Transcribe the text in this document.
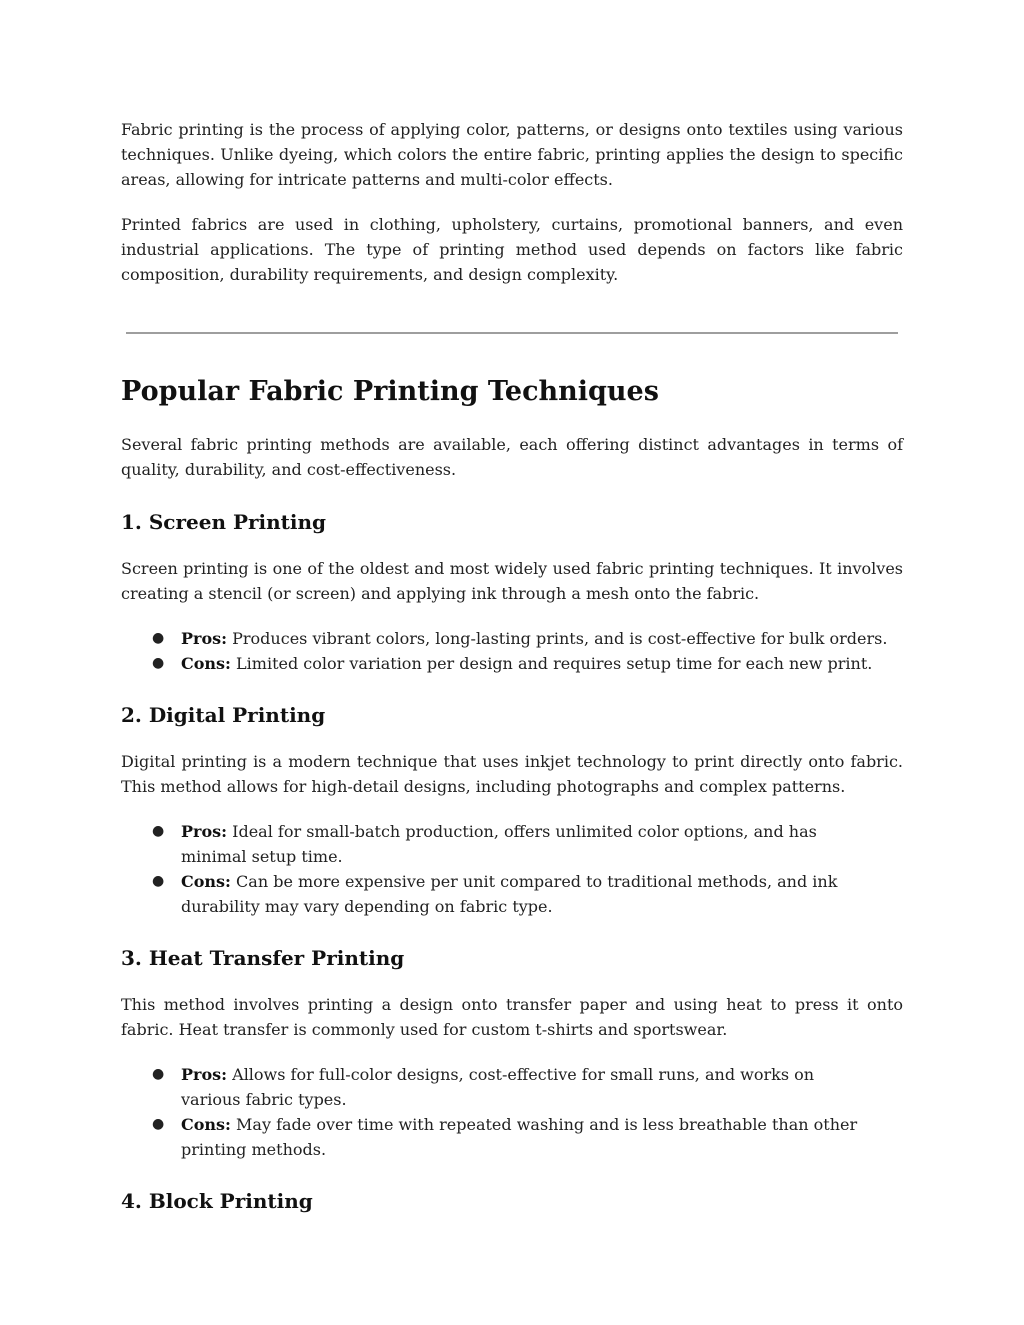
Fabric printing is the process of applying color, patterns, or designs onto textiles using various techniques. Unlike dyeing, which colors the entire fabric, printing applies the design to specific areas, allowing for intricate patterns and multi-color effects.

Printed fabrics are used in clothing, upholstery, curtains, promotional banners, and even industrial applications. The type of printing method used depends on factors like fabric composition, durability requirements, and design complexity.

Popular Fabric Printing Techniques

Several fabric printing methods are available, each offering distinct advantages in terms of quality, durability, and cost-effectiveness.

1. Screen Printing

Screen printing is one of the oldest and most widely used fabric printing techniques. It involves creating a stencil (or screen) and applying ink through a mesh onto the fabric.

● Pros: Produces vibrant colors, long-lasting prints, and is cost-effective for bulk orders.
● Cons: Limited color variation per design and requires setup time for each new print.
2. Digital Printing

Digital printing is a modern technique that uses inkjet technology to print directly onto fabric. This method allows for high-detail designs, including photographs and complex patterns.

● Pros: Ideal for small-batch production, offers unlimited color options, and has minimal setup time.
● Cons: Can be more expensive per unit compared to traditional methods, and ink durability may vary depending on fabric type.
3. Heat Transfer Printing

This method involves printing a design onto transfer paper and using heat to press it onto fabric. Heat transfer is commonly used for custom t-shirts and sportswear.

● Pros: Allows for full-color designs, cost-effective for small runs, and works on various fabric types.
● Cons: May fade over time with repeated washing and is less breathable than other printing methods.
4. Block Printing
